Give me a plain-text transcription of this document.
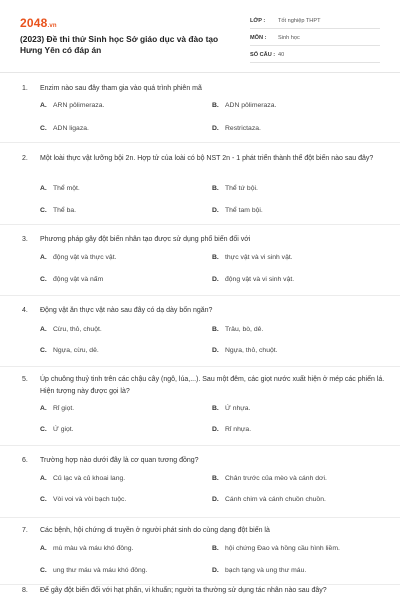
2048.vn
(2023) Đề thi thử Sinh học Sở giáo dục và đào tạo Hưng Yên có đáp án
LỚP :	Tốt nghiệp THPT
MÔN :	Sinh học
SỐ CÂU : 40
1. Enzim nào sau đây tham gia vào quá trình phiên mã
A. ARN pôlimeraza.	B. ADN pôlimeraza.
C. ADN ligaza.	D. Restrictaza.
2. Một loài thực vật lưỡng bội 2n. Hợp tử của loài có bộ NST 2n - 1 phát triển thành thể đột biến nào sau đây?
A. Thể một.	B. Thể tứ bội.
C. Thể ba.	D. Thể tam bội.
3. Phương pháp gây đột biến nhân tạo được sử dụng phổ biến đối với
A. động vật và thực vật.	B. thực vật và vi sinh vật.
C. động vật và nấm	D. động vật và vi sinh vật.
4. Động vật ăn thực vật nào sau đây có dạ dày bốn ngăn?
A. Cừu, thỏ, chuột.	B. Trâu, bò, dê.
C. Ngựa, cừu, dê.	D. Ngựa, thỏ, chuột.
5. Úp chuông thuỷ tinh trên các chậu cây (ngô, lúa,...). Sau một đêm, các giọt nước xuất hiện ở mép các phiến lá. Hiện tượng này được gọi là?
A. Rỉ giọt.	B. Ứ nhựa.
C. Ứ giọt.	D. Rỉ nhựa.
6. Trường hợp nào dưới đây là cơ quan tương đồng?
A. Củ lạc và củ khoai lang.	B. Chân trước của mèo và cánh dơi.
C. Vòi voi và vòi bạch tuộc.	D. Cánh chim và cánh chuồn chuồn.
7. Các bệnh, hội chứng di truyền ở người phát sinh do cùng dạng đột biến là
A. mù màu và máu khó đông.	B. hội chứng Đao và hồng cầu hình liềm.
C. ung thư máu và máu khó đông.	D. bạch tạng và ung thư máu.
8. Để gây đột biến đối với hạt phấn, vi khuẩn; người ta thường sử dụng tác nhân nào sau đây?
